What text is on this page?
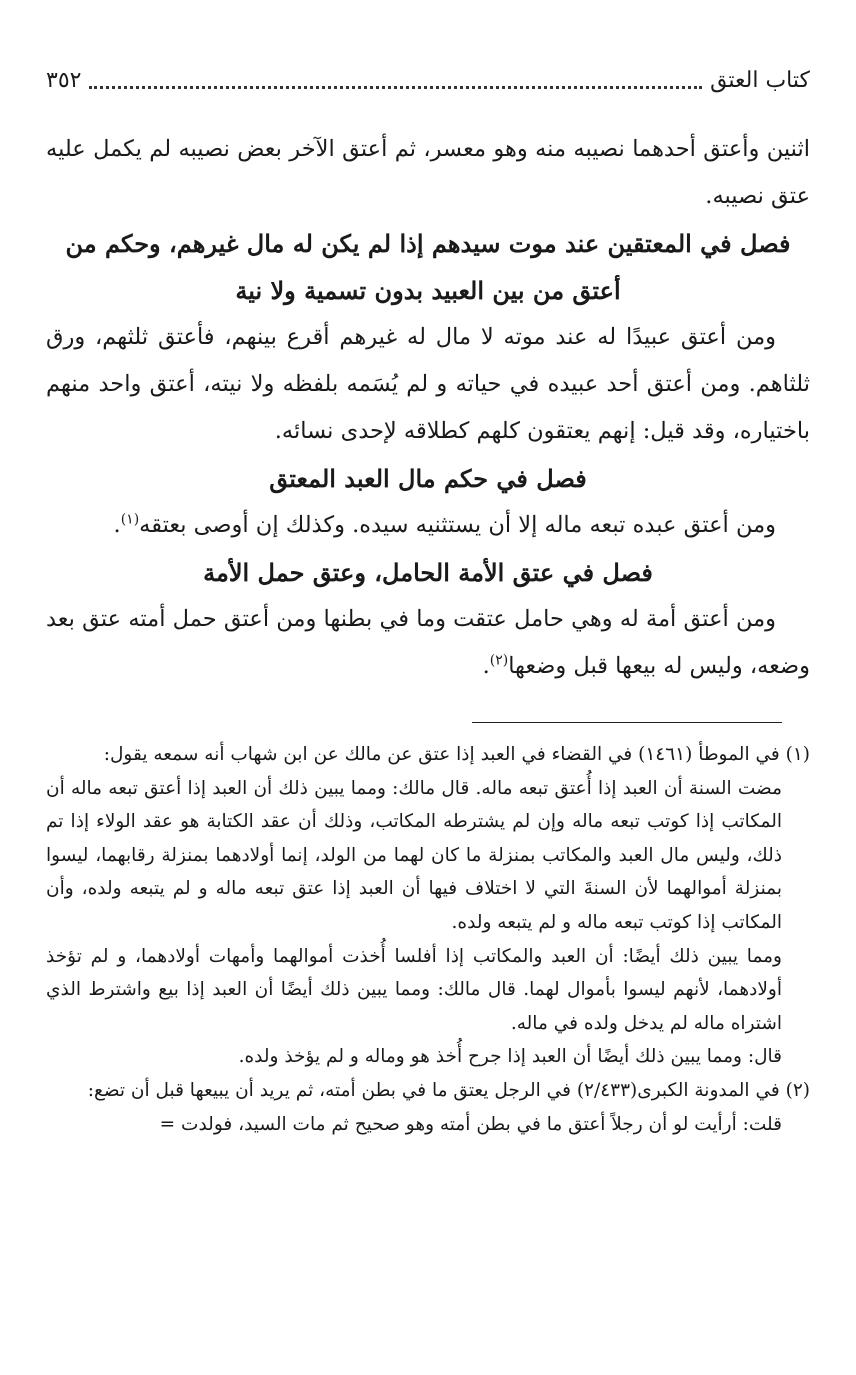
كتاب العتق
٣٥٢

اثنين وأعتق أحدهما نصيبه منه وهو معسر، ثم أعتق الآخر بعض نصيبه لم يكمل عليه عتق نصيبه.

فصل في المعتقين عند موت سيدهم إذا لم يكن له مال غيرهم، وحكم من أعتق من بين العبيد بدون تسمية ولا نية

ومن أعتق عبيدًا له عند موته لا مال له غيرهم أقرع بينهم، فأعتق ثلثهم، ورق ثلثاهم. ومن أعتق أحد عبيده في حياته و لم يُسَمه بلفظه ولا نيته، أعتق واحد منهم باختياره، وقد قيل: إنهم يعتقون كلهم كطلاقه لإحدى نسائه.

فصل في حكم مال العبد المعتق

ومن أعتق عبده تبعه ماله إلا أن يستثنيه سيده. وكذلك إن أوصى بعتقه$^{(١)}$.

فصل في عتق الأمة الحامل، وعتق حمل الأمة

ومن أعتق أمة له وهي حامل عتقت وما في بطنها ومن أعتق حمل أمته عتق بعد وضعه، وليس له بيعها قبل وضعها$^{(٢)}$.

(١) في الموطأ (١٤٦١) في القضاء في العبد إذا عتق عن مالك عن ابن شهاب أنه سمعه يقول:

مضت السنة أن العبد إذا أُعتق تبعه ماله. قال مالك: ومما يبين ذلك أن العبد إذا أعتق تبعه ماله أن المكاتب إذا كوتب تبعه ماله وإن لم يشترطه المكاتب، وذلك أن عقد الكتابة هو عقد الولاء إذا تم ذلك، وليس مال العبد والمكاتب بمنزلة ما كان لهما من الولد، إنما أولادهما بمنزلة رقابهما، ليسوا بمنزلة أموالهما لأن السنةَ التي لا اختلاف فيها أن العبد إذا عتق تبعه ماله و لم يتبعه ولده، وأن المكاتب إذا كوتب تبعه ماله و لم يتبعه ولده.

ومما يبين ذلك أيضًا: أن العبد والمكاتب إذا أفلسا أُخذت أموالهما وأمهات أولادهما، و لم تؤخذ أولادهما، لأنهم ليسوا بأموال لهما. قال مالك: ومما يبين ذلك أيضًا أن العبد إذا بيع واشترط الذي اشتراه ماله لم يدخل ولده في ماله.

قال: ومما يبين ذلك أيضًا أن العبد إذا جرح أُخذ هو وماله و لم يؤخذ ولده.

(٢) في المدونة الكبرى(٢/٤٣٣) في الرجل يعتق ما في بطن أمته، ثم يريد أن يبيعها قبل أن تضع:

قلت: أرأيت لو أن رجلاً أعتق ما في بطن أمته وهو صحيح ثم مات السيد، فولدت =
